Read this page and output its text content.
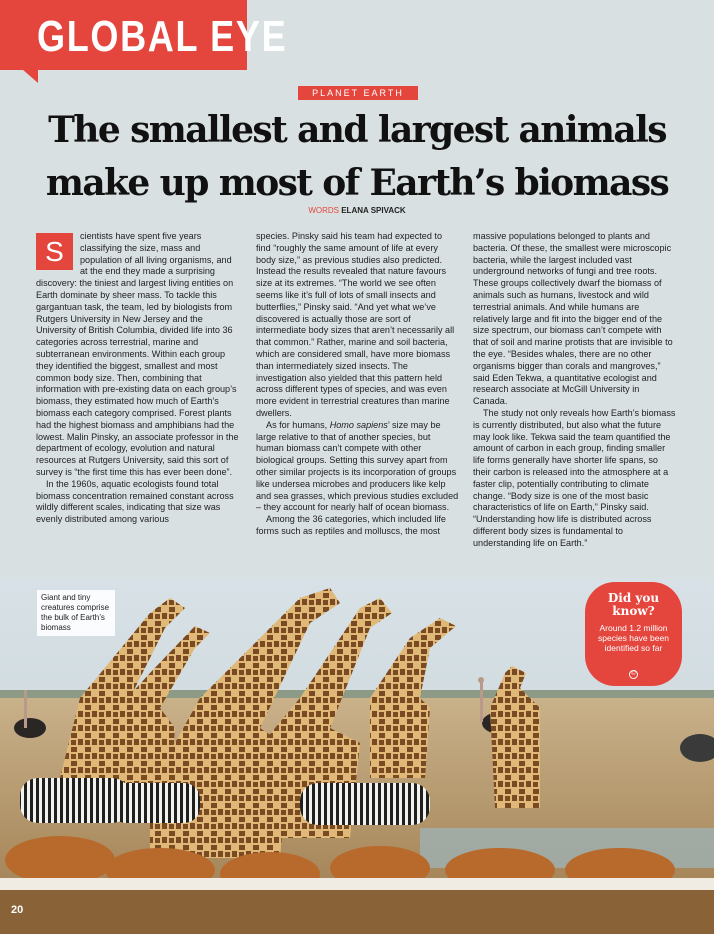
GLOBAL EYE
PLANET EARTH
The smallest and largest animals
make up most of Earth’s biomass
WORDS ELANA SPIVACK

S	cientists have spent five years classifying the size, mass and population of all living organisms, and at the end they made a surprising discovery: the tiniest and largest living entities on Earth dominate by sheer mass. To tackle this gargantuan task, the team, led by biologists from Rutgers University in New Jersey and the University of British Columbia, divided life into 36 categories across terrestrial, marine and subterranean environments. Within each group they identified the biggest, smallest and most common body size. Then, combining that information with pre-existing data on each group’s biomass, they estimated how much of Earth’s biomass each category comprised. Forest plants had the highest biomass and amphibians had the lowest. Malin Pinsky, an associate professor in the department of ecology, evolution and natural resources at Rutgers University, said this sort of survey is “the first time this has ever been done”.

In the 1960s, aquatic ecologists found total biomass concentration remained constant across wildly different scales, indicating that size was evenly distributed among various

species. Pinsky said his team had expected to find “roughly the same amount of life at every body size,” as previous studies also predicted. Instead the results revealed that nature favours size at its extremes. “The world we see often seems like it’s full of lots of small insects and butterflies,” Pinsky said. “And yet what we’ve discovered is actually those are sort of intermediate body sizes that aren’t necessarily all that common.” Rather, marine and soil bacteria, which are considered small, have more biomass than intermediately sized insects. The investigation also yielded that this pattern held across different types of species, and was even more evident in terrestrial creatures than marine dwellers.

As for humans, Homo sapiens’ size may be large relative to that of another species, but human biomass can’t compete with other biological groups. Setting this survey apart from other similar projects is its incorporation of groups like undersea microbes and producers like kelp and sea grasses, which previous studies excluded – they account for nearly half of ocean biomass.

Among the 36 categories, which included life forms such as reptiles and molluscs, the most

massive populations belonged to plants and bacteria. Of these, the smallest were microscopic bacteria, while the largest included vast underground networks of fungi and tree roots. These groups collectively dwarf the biomass of animals such as humans, livestock and wild terrestrial animals. And while humans are relatively large and fit into the bigger end of the size spectrum, our biomass can’t compete with that of soil and marine protists that are invisible to the eye. “Besides whales, there are no other organisms bigger than corals and mangroves,” said Eden Tekwa, a quantitative ecologist and research associate at McGill University in Canada.

The study not only reveals how Earth’s biomass is currently distributed, but also what the future may look like. Tekwa said the team quantified the amount of carbon in each group, finding smaller life forms generally have shorter life spans, so their carbon is released into the atmosphere at a faster clip, potentially contributing to climate change. “Body size is one of the most basic characteristics of life on Earth,” Pinsky said. “Understanding how life is distributed across different body sizes is fundamental to understanding life on Earth.”

Giant and tiny creatures comprise the bulk of Earth’s biomass
Did you know?
Around 1.2 million species have been identified so far
©
20
